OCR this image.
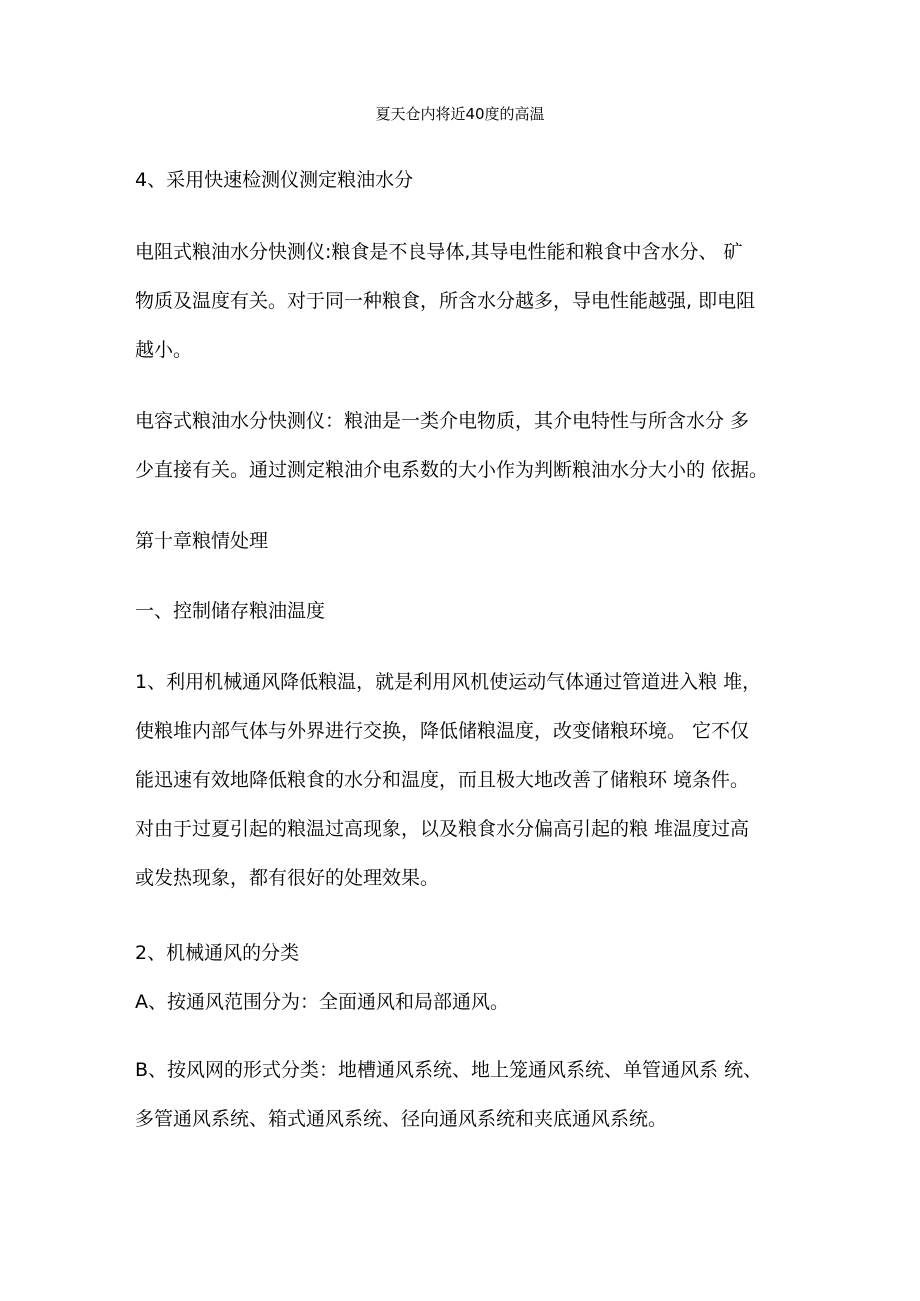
夏天仓内将近40度的高温

4、采用快速检测仪测定粮油水分

电阻式粮油水分快测仪:粮食是不良导体,其导电性能和粮食中含水分、 矿

物质及温度有关。对于同一种粮食，所含水分越多，导电性能越强, 即电阻

越小。

电容式粮油水分快测仪：粮油是一类介电物质，其介电特性与所含水分 多

少直接有关。通过测定粮油介电系数的大小作为判断粮油水分大小的 依据。

第十章粮情处理

一、控制储存粮油温度

1、利用机械通风降低粮温，就是利用风机使运动气体通过管道进入粮 堆，

使粮堆内部气体与外界进行交换，降低储粮温度，改变储粮环境。 它不仅

能迅速有效地降低粮食的水分和温度，而且极大地改善了储粮环 境条件。

对由于过夏引起的粮温过高现象，以及粮食水分偏高引起的粮 堆温度过高

或发热现象，都有很好的处理效果。

2、机械通风的分类

A、按通风范围分为：全面通风和局部通风。

B、按风网的形式分类：地槽通风系统、地上笼通风系统、单管通风系 统、

多管通风系统、箱式通风系统、径向通风系统和夹底通风系统。
